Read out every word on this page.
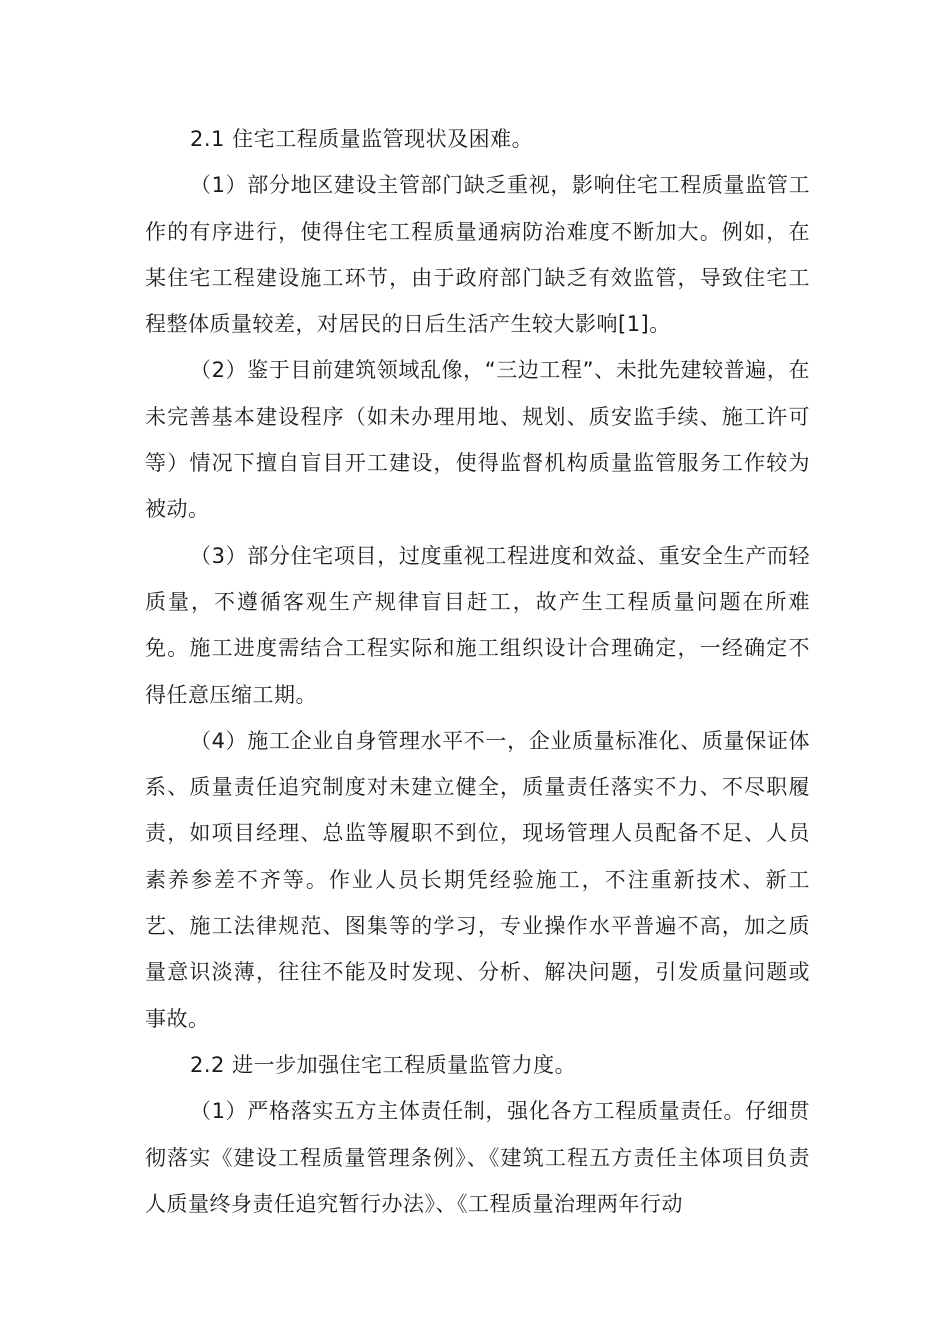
2.1 住宅工程质量监管现状及困难。

（1）部分地区建设主管部门缺乏重视，影响住宅工程质量监管工作的有序进行，使得住宅工程质量通病防治难度不断加大。例如，在某住宅工程建设施工环节，由于政府部门缺乏有效监管，导致住宅工程整体质量较差，对居民的日后生活产生较大影响[1]。

（2）鉴于目前建筑领域乱像，“三边工程”、未批先建较普遍，在未完善基本建设程序（如未办理用地、规划、质安监手续、施工许可等）情况下擅自盲目开工建设，使得监督机构质量监管服务工作较为被动。

（3）部分住宅项目，过度重视工程进度和效益、重安全生产而轻质量，不遵循客观生产规律盲目赶工，故产生工程质量问题在所难免。施工进度需结合工程实际和施工组织设计合理确定，一经确定不得任意压缩工期。

（4）施工企业自身管理水平不一，企业质量标准化、质量保证体系、质量责任追究制度对未建立健全，质量责任落实不力、不尽职履责，如项目经理、总监等履职不到位，现场管理人员配备不足、人员素养参差不齐等。作业人员长期凭经验施工，不注重新技术、新工艺、施工法律规范、图集等的学习，专业操作水平普遍不高，加之质量意识淡薄，往往不能及时发现、分析、解决问题，引发质量问题或事故。

2.2 进一步加强住宅工程质量监管力度。

（1）严格落实五方主体责任制，强化各方工程质量责任。仔细贯彻落实《建设工程质量管理条例》、《建筑工程五方责任主体项目负责人质量终身责任追究暂行办法》、《工程质量治理两年行动
